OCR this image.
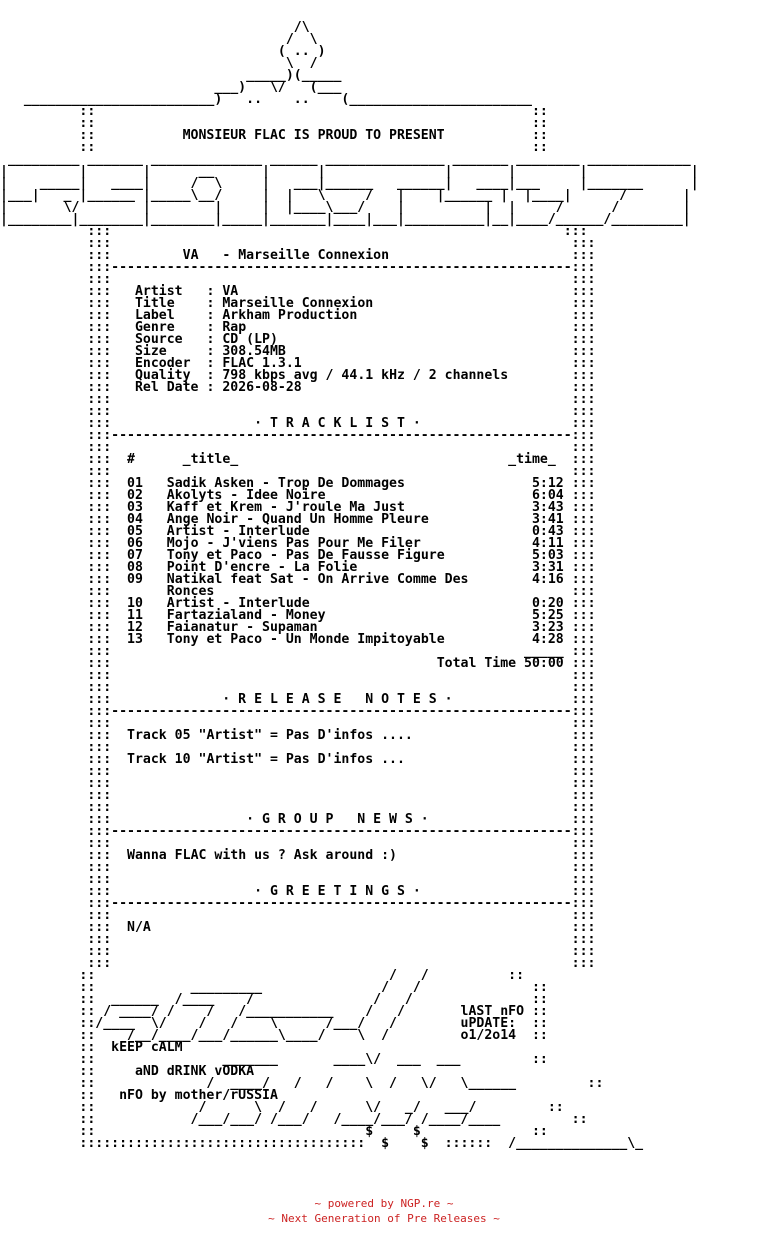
/\
/  \
( .. )
\  /
_____)(_____
___)   \/   (___
________________________)   ..    ..    (_______________________
::                                                       ::
::                                                       ::
::           MONSIEUR FLAC IS PROUD TO PRESENT           ::
::                                                       ::
_________ _______ ______________ ______ _______________ _______ ________ _____________
|         |       |      __      |      |               |       |        |             |
|    _____|   ____|     /  \     |   ___|______   ______|   ____|___     |_______      |
|___|   _ |______ |_____\__/     |  |   \     /   |    |______ |  |____|      /       |
|       \/        |        |     |  |____\___/    |          |  |     /      /        |
|________|________|________|_____|_______|____|___|__________|__|____/______/_________|
:::                                                         :::
:::                                                          :::
:::	VA   - Marseille Connexion                       :::
:::----------------------------------------------------------:::
:::                                                          :::
:::   Artist   : VA                                          :::
:::   Title    : Marseille Connexion                         :::
:::   Label    : Arkham Production                           :::
:::   Genre    : Rap                                         :::
:::   Source   : CD (LP)                                     :::
:::   Size     : 308.54MB                                    :::
:::   Encoder  : FLAC 1.3.1                                  :::
:::   Quality  : 798 kbps avg / 44.1 kHz / 2 channels        :::
:::   Rel Date : 2026-08-28                                  :::
:::                                                          :::
:::                                                          :::
:::                  · T R A C K L I S T ·                   :::
:::----------------------------------------------------------:::
:::                                                          :::
:::  #      _title_                                  _time_  :::
:::                                                          :::
:::  01   Sadik Asken - Trop De Dommages                5:12 :::
:::  02   Akolyts - Idee Noire                          6:04 :::
:::  03   Kaff et Krem - J'roule Ma Just                3:43 :::
:::  04   Ange Noir - Quand Un Homme Pleure             3:41 :::
:::  05   Artist - Interlude                            0:43 :::
:::  06   Mojo - J'viens Pas Pour Me Filer              4:11 :::
:::  07   Tony et Paco - Pas De Fausse Figure           5:03 :::
:::  08   Point D'encre - La Folie                      3:31 :::
:::  09   Natikal feat Sat - On Arrive Comme Des        4:16 :::
:::	Ronces                                             :::
:::  10   Artist - Interlude                            0:20 :::
:::  11   Fartazialand - Money                          5:25 :::
:::  12   Faianatur - Supaman                           3:23 :::
:::  13   Tony et Paco - Un Monde Impitoyable           4:28 :::
:::                                                    _____ :::
:::	Total Time 50:00 :::
:::                                                          :::
:::                                                          :::
:::              · R E L E A S E   N O T E S ·               :::
:::----------------------------------------------------------:::
:::                                                          :::
:::  Track 05 "Artist" = Pas D'infos ....                    :::
:::                                                          :::
:::  Track 10 "Artist" = Pas D'infos ...                     :::
:::                                                          :::
:::                                                          :::
:::                                                          :::
:::                                                          :::
:::                 · G R O U P   N E W S ·                  :::
:::----------------------------------------------------------:::
:::                                                          :::
:::  Wanna FLAC with us ? Ask around :)                      :::
:::                                                          :::
:::                                                          :::
:::                  · G R E E T I N G S ·                   :::
:::----------------------------------------------------------:::
:::                                                          :::
:::  N/A                                                     :::
:::                                                          :::
:::                                                          :::
:::                                                          :::
::                                     /   /          ::
::            _________               /   /	::
::  ______  /____    /               /   /	::
:: / ____/ /    /   /___________    /   /       lAST nFO ::
::/____  \/    /   /    \      /___/   /        uPDATE:  ::
::    /__/____/___/______\____/    \  /         o1/2o14  ::
::  kEEP cALM
::                _______       ____\/  ___  ___	::
::     aND dRINK vODKA
::              /  ____/   /   /    \  /   \/   \______	::
::   nFO by mother/rUSSIA
::             /      \  /   /      \/   _/   ___/	::
::            /___/___/ /___/   /____/___/ /____/____	::
::                                  $     $	::
::::::::::::::::::::::::::::::::::::  $    $  ::::::  /______________\_

~ powered by NGP.re ~
~ Next Generation of Pre Releases ~
